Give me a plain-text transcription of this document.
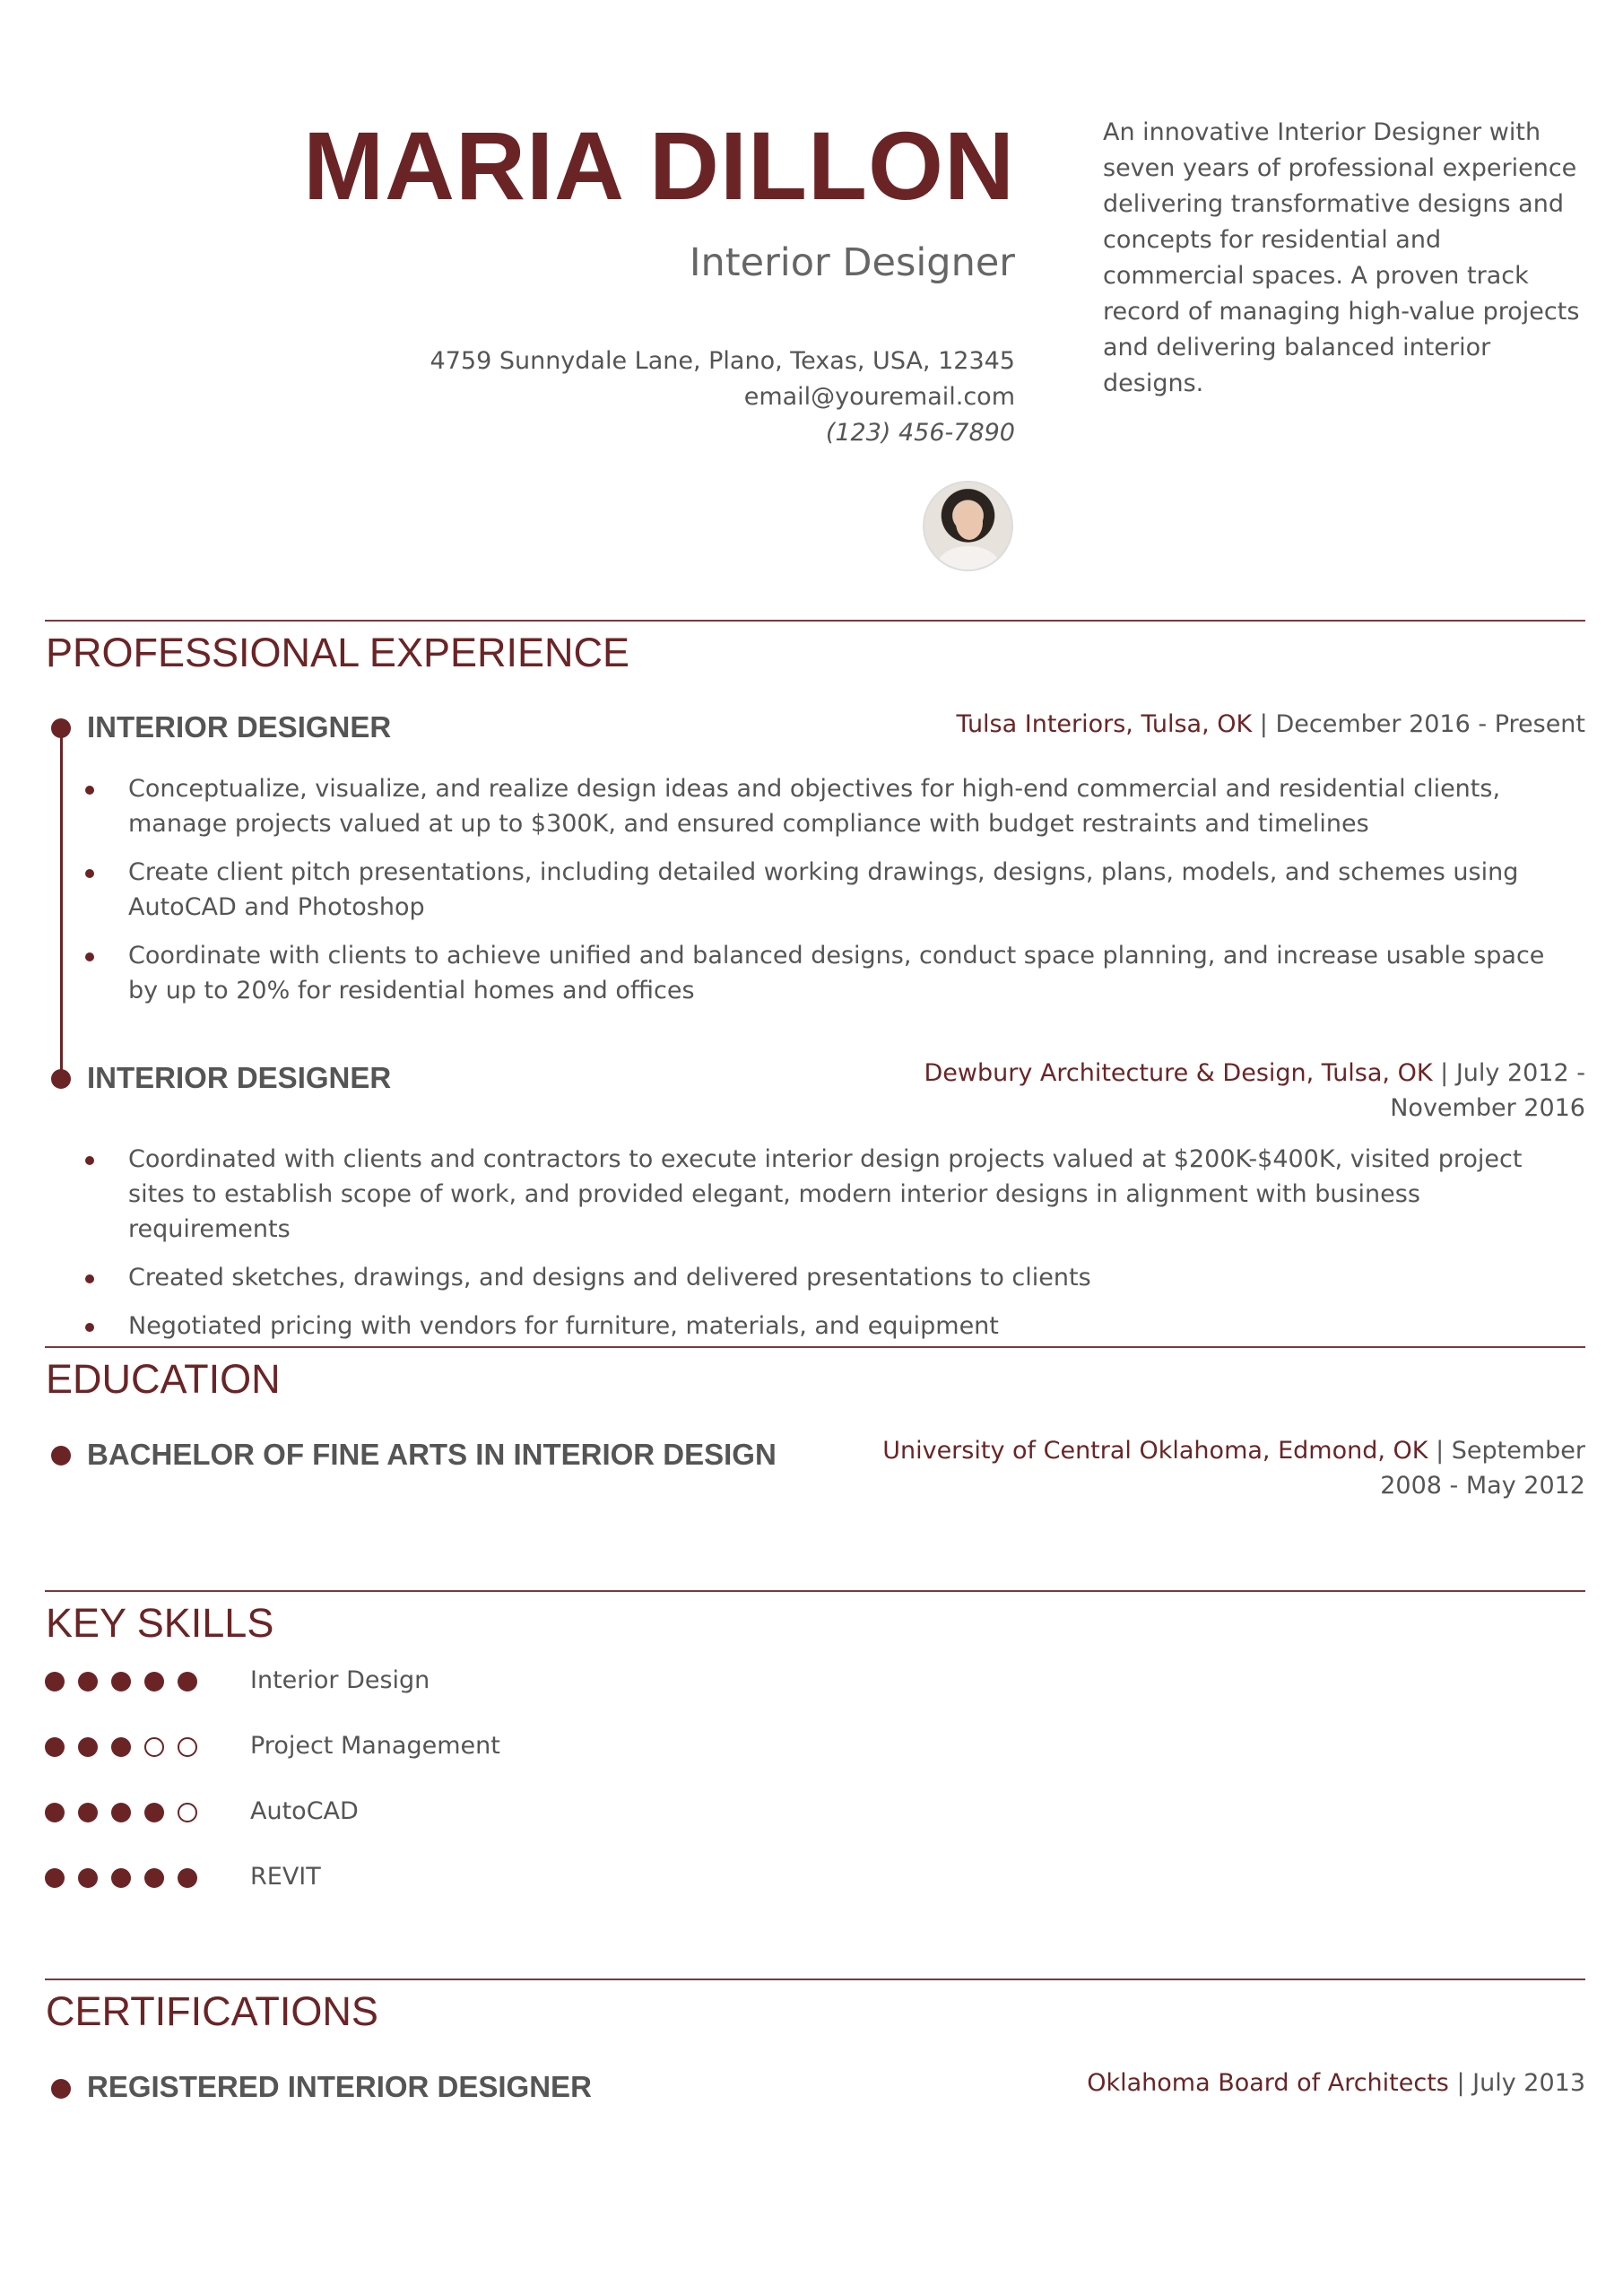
MARIA DILLON
Interior Designer
4759 Sunnydale Lane, Plano, Texas, USA, 12345
email@youremail.com
(123) 456-7890
An innovative Interior Designer with seven years of professional experience delivering transformative designs and concepts for residential and commercial spaces. A proven track record of managing high-value projects and delivering balanced interior designs.
PROFESSIONAL EXPERIENCE
INTERIOR DESIGNER	Tulsa Interiors, Tulsa, OK | December 2016 - Present
Conceptualize, visualize, and realize design ideas and objectives for high-end commercial and residential clients, manage projects valued at up to $300K, and ensured compliance with budget restraints and timelines
Create client pitch presentations, including detailed working drawings, designs, plans, models, and schemes using AutoCAD and Photoshop
Coordinate with clients to achieve unified and balanced designs, conduct space planning, and increase usable space by up to 20% for residential homes and offices
INTERIOR DESIGNER	Dewbury Architecture & Design, Tulsa, OK | July 2012 - November 2016
Coordinated with clients and contractors to execute interior design projects valued at $200K-$400K, visited project sites to establish scope of work, and provided elegant, modern interior designs in alignment with business requirements
Created sketches, drawings, and designs and delivered presentations to clients
Negotiated pricing with vendors for furniture, materials, and equipment
EDUCATION
BACHELOR OF FINE ARTS IN INTERIOR DESIGN	University of Central Oklahoma, Edmond, OK | September 2008 - May 2012
KEY SKILLS
Interior Design
Project Management
AutoCAD
REVIT
CERTIFICATIONS
REGISTERED INTERIOR DESIGNER	Oklahoma Board of Architects | July 2013
